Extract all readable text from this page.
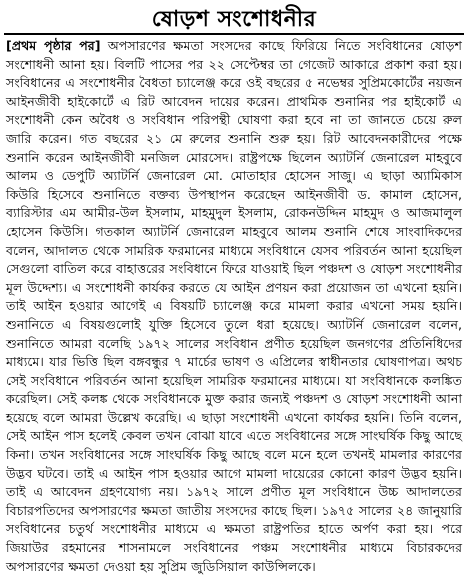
ষোড়শ সংশোধনীর

[প্রথম পৃষ্ঠার পর] অপসারণের ক্ষমতা সংসদের কাছে ফিরিয়ে নিতে সংবিধানের ষোড়শ সংশোধনী আনা হয়। বিলটি পাসের পর ২২ সেপ্টেম্বর তা গেজেট আকারে প্রকাশ করা হয়। সংবিধানের এ সংশোধনীর বৈধতা চ্যালেঞ্জ করে ওই বছরের ৫ নভেম্বর সুপ্রিমকোর্টের নয়জন আইনজীবী হাইকোর্টে এ রিট আবেদন দায়ের করেন। প্রাথমিক শুনানির পর হাইকোর্ট এ সংশোধনী কেন অবৈধ ও সংবিধান পরিপন্থী ঘোষণা করা হবে না তা জানতে চেয়ে রুল জারি করেন। গত বছরের ২১ মে রুলের শুনানি শুরু হয়। রিট আবেদনকারীদের পক্ষে শুনানি করেন আইনজীবী মনজিল মোরসেদ। রাষ্ট্রপক্ষে ছিলেন অ্যাটর্নি জেনারেল মাহবুবে আলম ও ডেপুটি অ্যাটর্নি জেনারেল মো. মোতাহার হোসেন সাজু। এ ছাড়া অ্যামিকাস কিউরি হিসেবে শুনানিতে বক্তব্য উপস্থাপন করেছেন আইনজীবী ড. কামাল হোসেন, ব্যারিস্টার এম আমীর-উল ইসলাম, মাহমুদুল ইসলাম, রোকনউদ্দিন মাহমুদ ও আজমালুল হোসেন কিউসি। গতকাল অ্যাটর্নি জেনারেল মাহবুবে আলম শুনানি শেষে সাংবাদিকদের বলেন, আদালত থেকে সামরিক ফরমানের মাধ্যমে সংবিধানে যেসব পরিবর্তন আনা হয়েছিল সেগুলো বাতিল করে বাহাত্তরের সংবিধানে ফিরে যাওয়াই ছিল পঞ্চদশ ও ষোড়শ সংশোধনীর মূল উদ্দেশ্য। এ সংশোধনী কার্যকর করতে যে আইন প্রণয়ন করা প্রয়োজন তা এখনো হয়নি। তাই আইন হওয়ার আগেই এ বিষয়টি চ্যালেঞ্জ করে মামলা করার এখনো সময় হয়নি। শুনানিতে এ বিষয়গুলোই যুক্তি হিসেবে তুলে ধরা হয়েছে। অ্যাটর্নি জেনারেল বলেন, শুনানিতে আমরা বলেছি ১৯৭২ সালের সংবিধান প্রণীত হয়েছিল জনগণের প্রতিনিধিদের মাধ্যমে। যার ভিত্তি ছিল বঙ্গবন্ধুর ৭ মার্চের ভাষণ ও এপ্রিলের স্বাধীনতার ঘোষণাপত্র। অথচ সেই সংবিধানে পরিবর্তন আনা হয়েছিল সামরিক ফরমানের মাধ্যমে। যা সংবিধানকে কলঙ্কিত করেছিল। সেই কলঙ্ক থেকে সংবিধানকে মুক্ত করার জন্যই পঞ্চদশ ও ষোড়শ সংশোধনী আনা হয়েছে বলে আমরা উল্লেখ করেছি। এ ছাড়া সংশোধনী এখনো কার্যকর হয়নি। তিনি বলেন, সেই আইন পাস হলেই কেবল তখন বোঝা যাবে এতে সংবিধানের সঙ্গে সাংঘর্ষিক কিছু আছে কিনা। তখন সংবিধানের সঙ্গে সাংঘর্ষিক কিছু আছে বলে মনে হলে তখনই মামলার কারণের উদ্ভব ঘটবে। তাই এ আইন পাস হওয়ার আগে মামলা দায়েরের কোনো কারণ উদ্ভব হয়নি। তাই এ আবেদন গ্রহণযোগ্য নয়। ১৯৭২ সালে প্রণীত মূল সংবিধানে উচ্চ আদালতের বিচারপতিদের অপসারণের ক্ষমতা জাতীয় সংসদের কাছে ছিল। ১৯৭৫ সালের ২৪ জানুয়ারি সংবিধানের চতুর্থ সংশোধনীর মাধ্যমে এ ক্ষমতা রাষ্ট্রপতির হাতে অর্পণ করা হয়। পরে জিয়াউর রহমানের শাসনামলে সংবিধানের পঞ্চম সংশোধনীর মাধ্যমে বিচারকদের অপসারণের ক্ষমতা দেওয়া হয় সুপ্রিম জুডিসিয়াল কাউন্সিলকে।
